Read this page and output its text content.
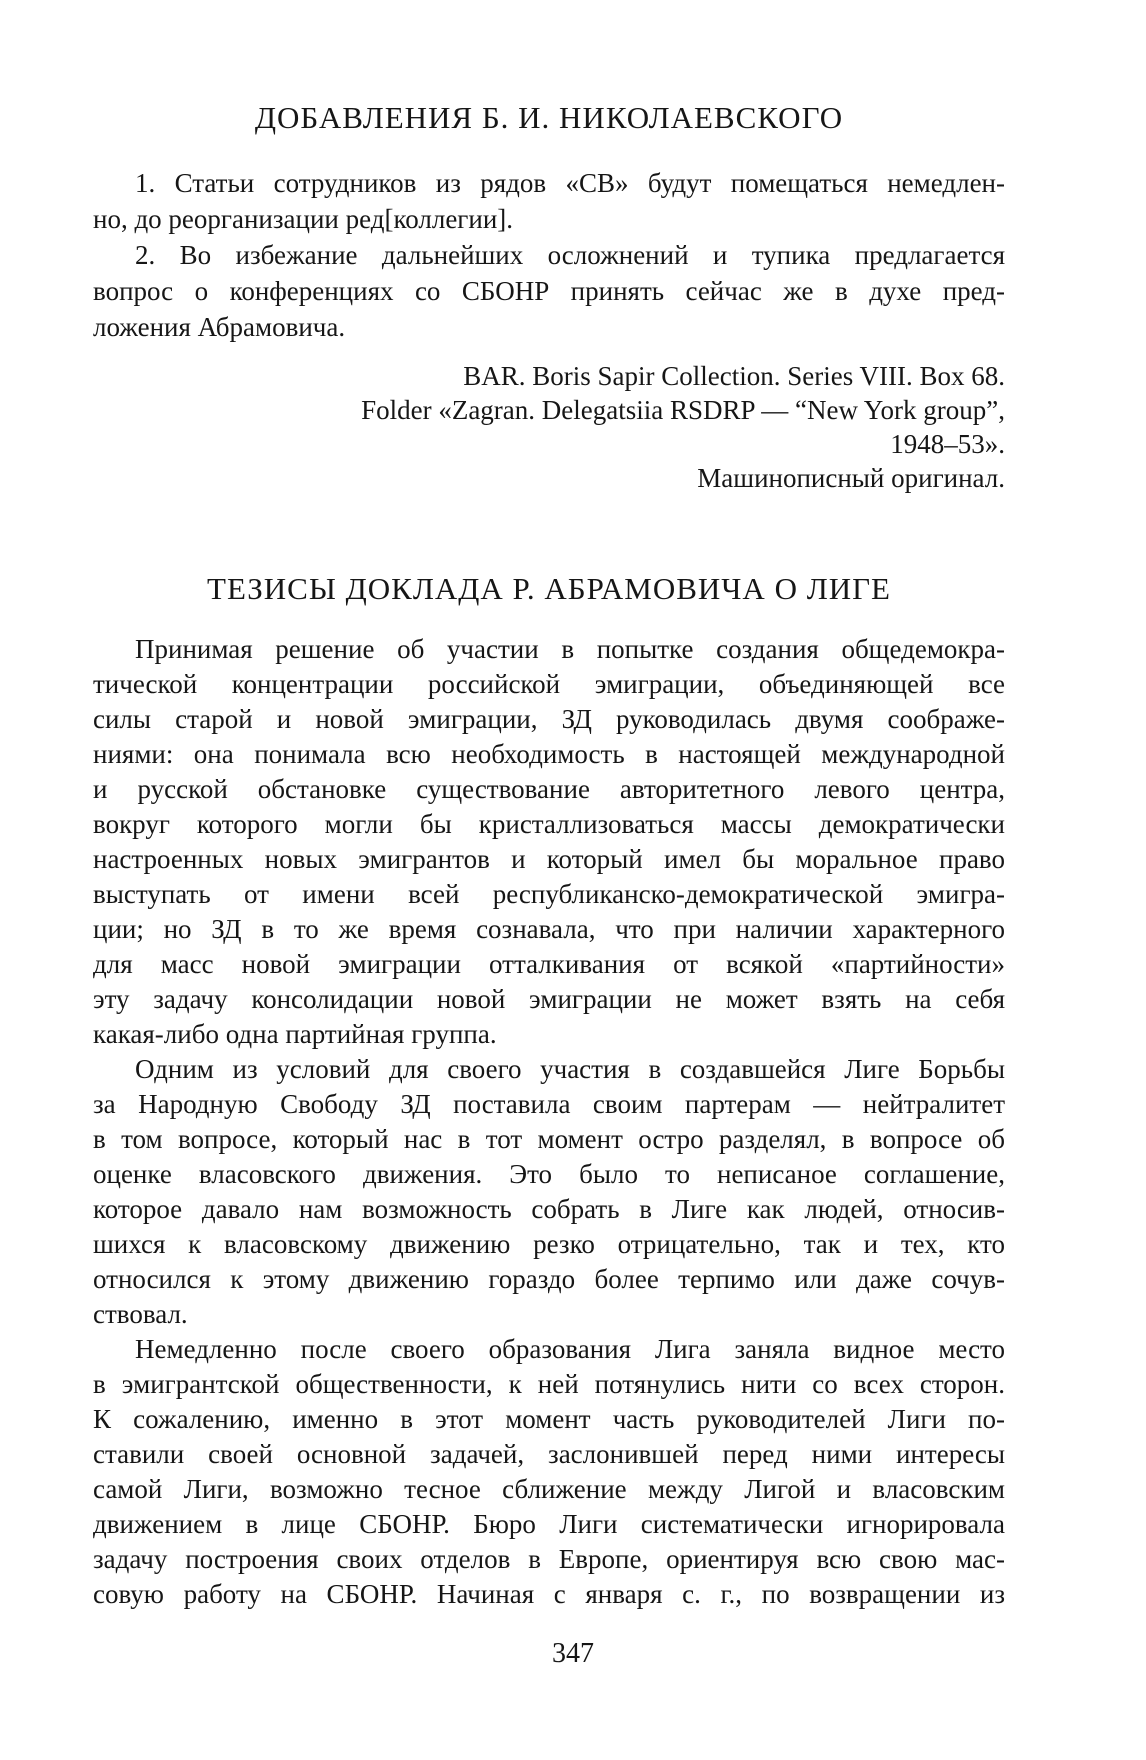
ДОБАВЛЕНИЯ Б. И. НИКОЛАЕВСКОГО
1. Статьи сотрудников из рядов «СВ» будут помещаться немедлен-
но, до реорганизации ред[коллегии].
2. Во избежание дальнейших осложнений и тупика предлагается
вопрос о конференциях со СБОНР принять сейчас же в духе пред-
ложения Абрамовича.
BAR. Boris Sapir Collection. Series VIII. Box 68.
Folder «Zagran. Delegatsiia RSDRP — “New York group”,
1948–53».
Машинописный оригинал.
ТЕЗИСЫ ДОКЛАДА Р. АБРАМОВИЧА О ЛИГЕ
Принимая решение об участии в попытке создания общедемокра-
тической концентрации российской эмиграции, объединяющей все
силы старой и новой эмиграции, ЗД руководилась двумя соображе-
ниями: она понимала всю необходимость в настоящей международной
и русской обстановке существование авторитетного левого центра,
вокруг которого могли бы кристаллизоваться массы демократически
настроенных новых эмигрантов и который имел бы моральное право
выступать от имени всей республиканско-демократической эмигра-
ции; но ЗД в то же время сознавала, что при наличии характерного
для масс новой эмиграции отталкивания от всякой «партийности»
эту задачу консолидации новой эмиграции не может взять на себя
какая-либо одна партийная группа.
Одним из условий для своего участия в создавшейся Лиге Борьбы
за Народную Свободу ЗД поставила своим партерам — нейтралитет
в том вопросе, который нас в тот момент остро разделял, в вопросе об
оценке власовского движения. Это было то неписаное соглашение,
которое давало нам возможность собрать в Лиге как людей, относив-
шихся к власовскому движению резко отрицательно, так и тех, кто
относился к этому движению гораздо более терпимо или даже сочув-
ствовал.
Немедленно после своего образования Лига заняла видное место
в эмигрантской общественности, к ней потянулись нити со всех сторон.
К сожалению, именно в этот момент часть руководителей Лиги по-
ставили своей основной задачей, заслонившей перед ними интересы
самой Лиги, возможно тесное сближение между Лигой и власовским
движением в лице СБОНР. Бюро Лиги систематически игнорировала
задачу построения своих отделов в Европе, ориентируя всю свою мас-
совую работу на СБОНР. Начиная с января с. г., по возвращении из
347
